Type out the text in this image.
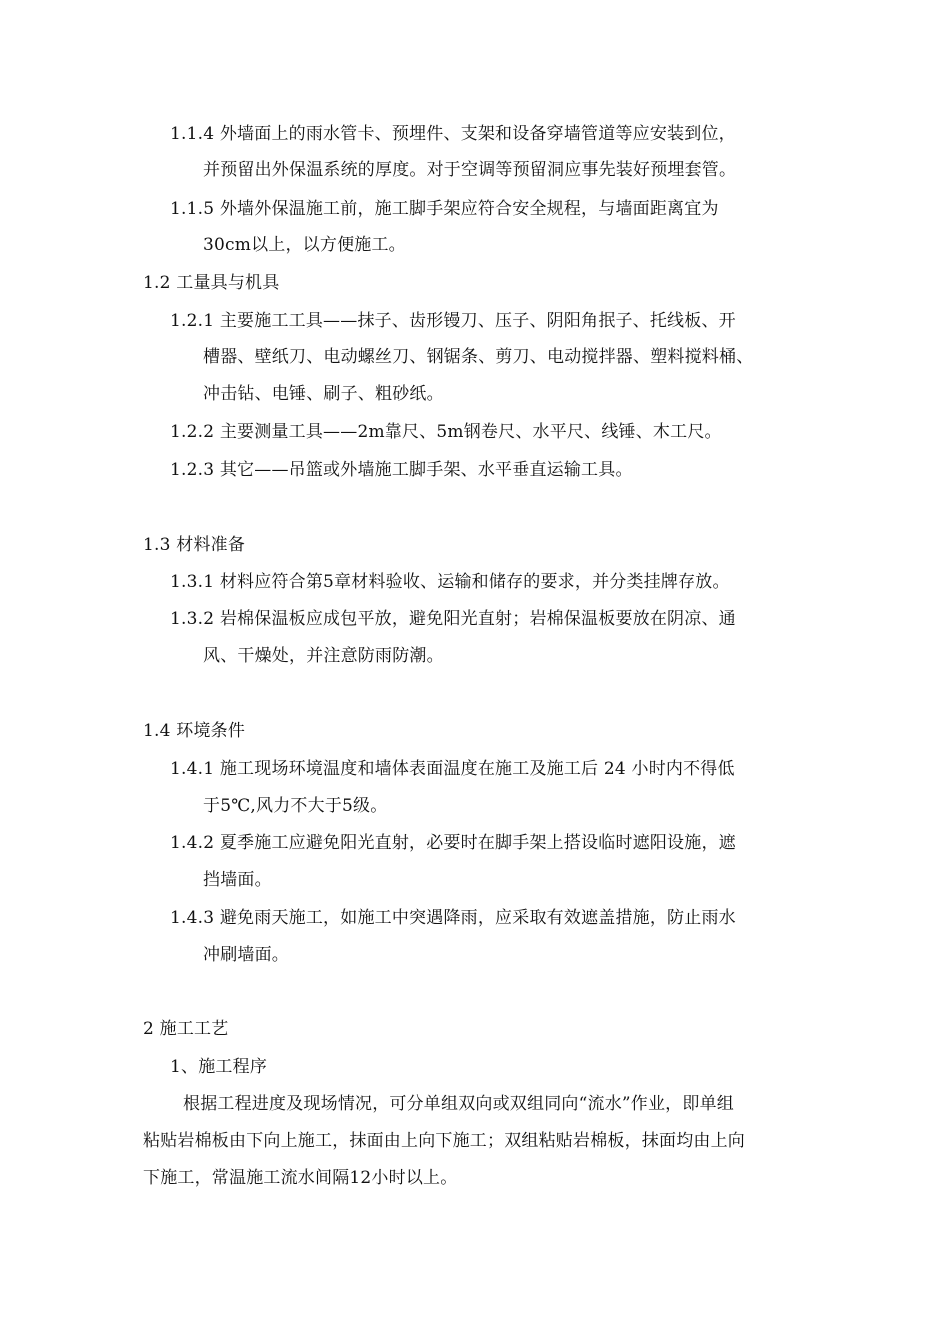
1.1.4 外墙面上的雨水管卡、预埋件、支架和设备穿墙管道等应安装到位，
并预留出外保温系统的厚度。对于空调等预留洞应事先装好预埋套管。
1.1.5 外墙外保温施工前，施工脚手架应符合安全规程，与墙面距离宜为
30cm以上，以方便施工。
1.2 工量具与机具
1.2.1 主要施工工具——抹子、齿形镘刀、压子、阴阳角抿子、托线板、开
槽器、壁纸刀、电动螺丝刀、钢锯条、剪刀、电动搅拌器、塑料搅料桶、
冲击钻、电锤、刷子、粗砂纸。
1.2.2 主要测量工具——2m靠尺、5m钢卷尺、水平尺、线锤、木工尺。
1.2.3 其它——吊篮或外墙施工脚手架、水平垂直运输工具。
1.3 材料准备
1.3.1 材料应符合第5章材料验收、运输和储存的要求，并分类挂牌存放。
1.3.2 岩棉保温板应成包平放，避免阳光直射；岩棉保温板要放在阴凉、通
风、干燥处，并注意防雨防潮。
1.4 环境条件
1.4.1 施工现场环境温度和墙体表面温度在施工及施工后 24 小时内不得低
于5℃,风力不大于5级。
1.4.2 夏季施工应避免阳光直射，必要时在脚手架上搭设临时遮阳设施，遮
挡墙面。
1.4.3 避免雨天施工，如施工中突遇降雨，应采取有效遮盖措施，防止雨水
冲刷墙面。
2 施工工艺
1、施工程序
根据工程进度及现场情况，可分单组双向或双组同向“流水”作业，即单组
粘贴岩棉板由下向上施工，抹面由上向下施工；双组粘贴岩棉板，抹面均由上向
下施工，常温施工流水间隔12小时以上。
